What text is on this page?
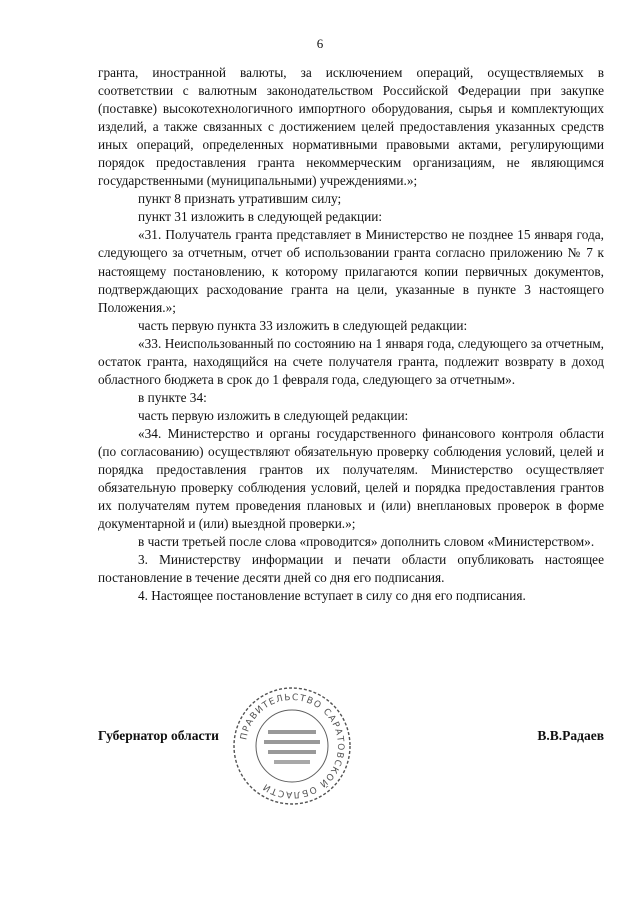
6

гранта, иностранной валюты, за исключением операций, осуществляемых в соответствии с валютным законодательством Российской Федерации при закупке (поставке) высокотехнологичного импортного оборудования, сырья и комплектующих изделий, а также связанных с достижением целей предоставления указанных средств иных операций, определенных нормативными правовыми актами, регулирующими порядок предоставления гранта некоммерческим организациям, не являющимся государственными (муниципальными) учреждениями.»;

пункт 8 признать утратившим силу;

пункт 31 изложить в следующей редакции:

«31. Получатель гранта представляет в Министерство не позднее 15 января года, следующего за отчетным, отчет об использовании гранта согласно приложению № 7 к настоящему постановлению, к которому прилагаются копии первичных документов, подтверждающих расходование гранта на цели, указанные в пункте 3 настоящего Положения.»;

часть первую пункта 33 изложить в следующей редакции:

«33. Неиспользованный по состоянию на 1 января года, следующего за отчетным, остаток гранта, находящийся на счете получателя гранта, подлежит возврату в доход областного бюджета в срок до 1 февраля года, следующего за отчетным».

в пункте 34:

часть первую изложить в следующей редакции:

«34. Министерство и органы государственного финансового контроля области (по согласованию) осуществляют обязательную проверку соблюдения условий, целей и порядка предоставления грантов их получателям. Министерство осуществляет обязательную проверку соблюдения условий, целей и порядка предоставления грантов их получателям путем проведения плановых и (или) внеплановых проверок в форме документарной и (или) выездной проверки.»;

в части третьей после слова «проводится» дополнить словом «Министерством».

3. Министерству информации и печати области опубликовать настоящее постановление в течение десяти дней со дня его подписания.

4. Настоящее постановление вступает в силу со дня его подписания.

Губернатор области ПРАВИТЕЛЬСТВО САРАТОВСКОЙ ОБЛАСТИ
В.В.Радаев
